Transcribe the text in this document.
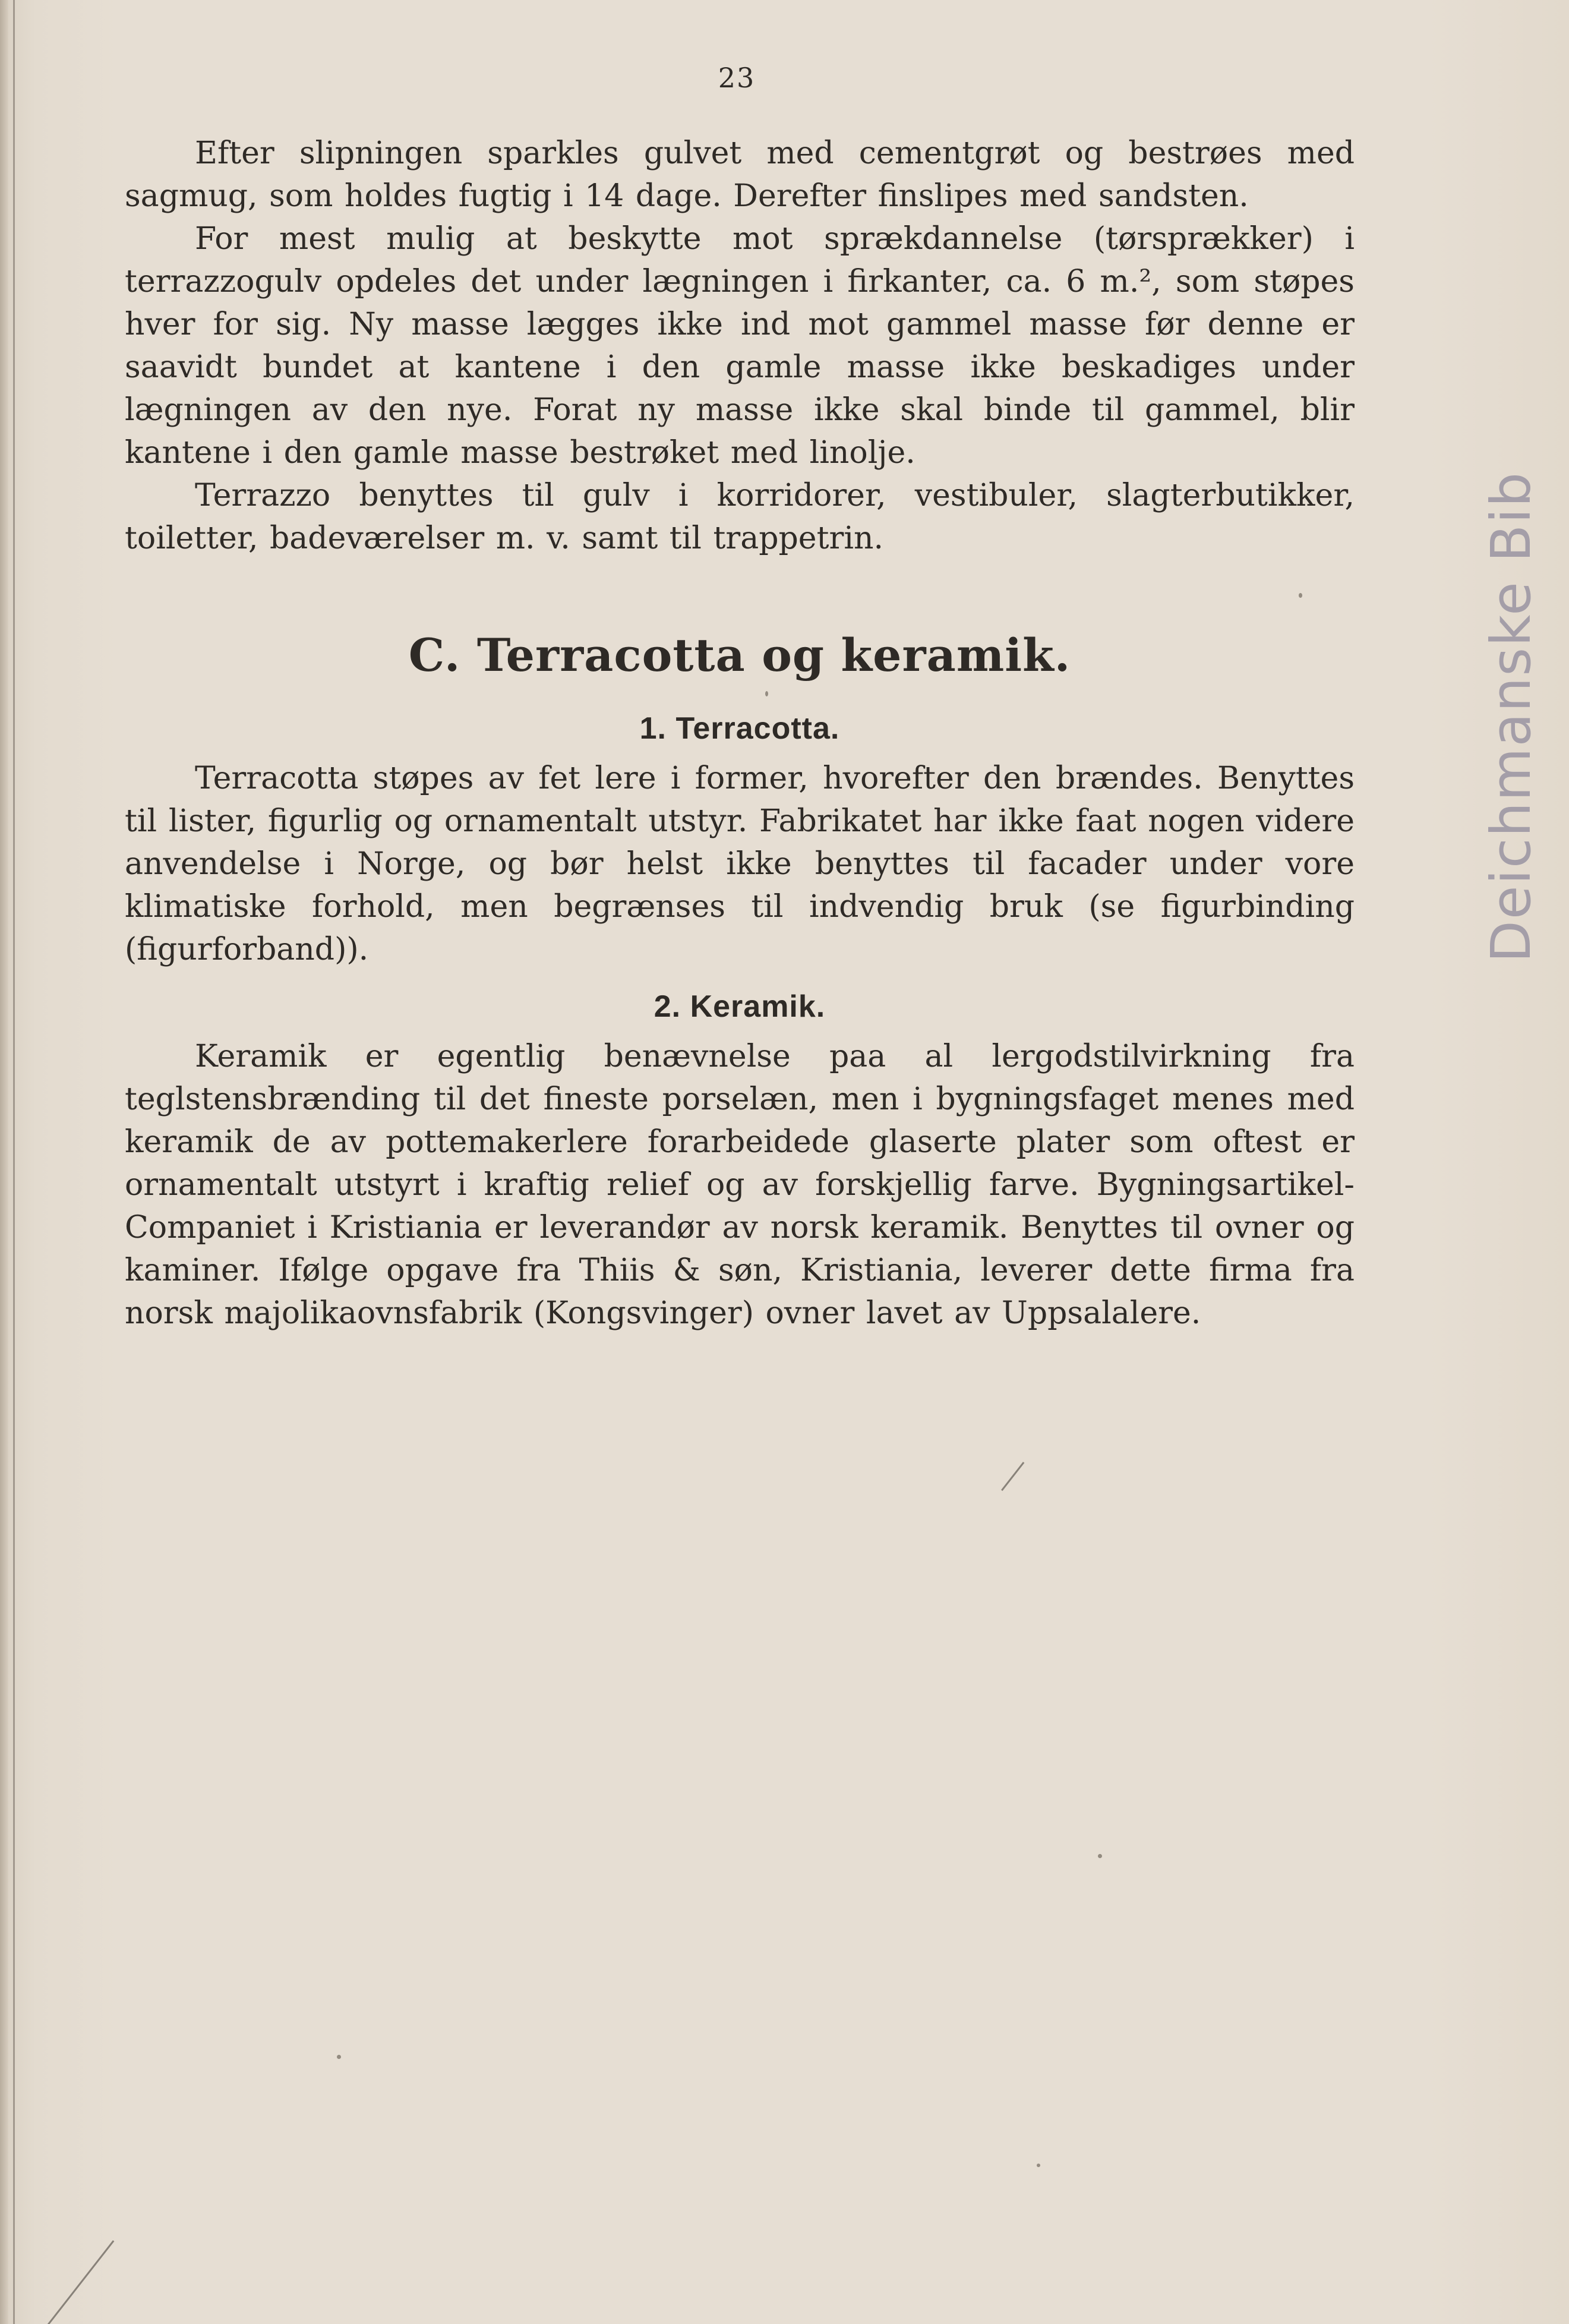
23

Efter slipningen sparkles gulvet med cementgrøt og bestrøes med sagmug, som holdes fugtig i 14 dage. Derefter finslipes med sandsten.

For mest mulig at beskytte mot sprækdannelse (tørsprækker) i terrazzogulv opdeles det under lægningen i firkanter, ca. 6 m.², som støpes hver for sig. Ny masse lægges ikke ind mot gammel masse før denne er saavidt bundet at kantene i den gamle masse ikke beskadiges under lægningen av den nye. Forat ny masse ikke skal binde til gammel, blir kantene i den gamle masse bestrøket med linolje.

Terrazzo benyttes til gulv i korridorer, vestibuler, slagterbutikker, toiletter, badeværelser m. v. samt til trappetrin.

C. Terracotta og keramik.
1. Terracotta.

Terracotta støpes av fet lere i former, hvorefter den brændes. Benyttes til lister, figurlig og ornamentalt utstyr. Fabrikatet har ikke faat nogen videre anvendelse i Norge, og bør helst ikke benyttes til facader under vore klimatiske forhold, men begrænses til indvendig bruk (se figurbinding (figurforband)).

2. Keramik.

Keramik er egentlig benævnelse paa al lergodstilvirkning fra teglstensbrænding til det fineste porselæn, men i bygningsfaget menes med keramik de av pottemakerlere forarbeidede glaserte plater som oftest er ornamentalt utstyrt i kraftig relief og av forskjellig farve. Bygningsartikel-Companiet i Kristiania er leverandør av norsk keramik. Benyttes til ovner og kaminer. Ifølge opgave fra Thiis & søn, Kristiania, leverer dette firma fra norsk majolikaovnsfabrik (Kongsvinger) ovner lavet av Uppsalalere.

Deichmanske Bib
